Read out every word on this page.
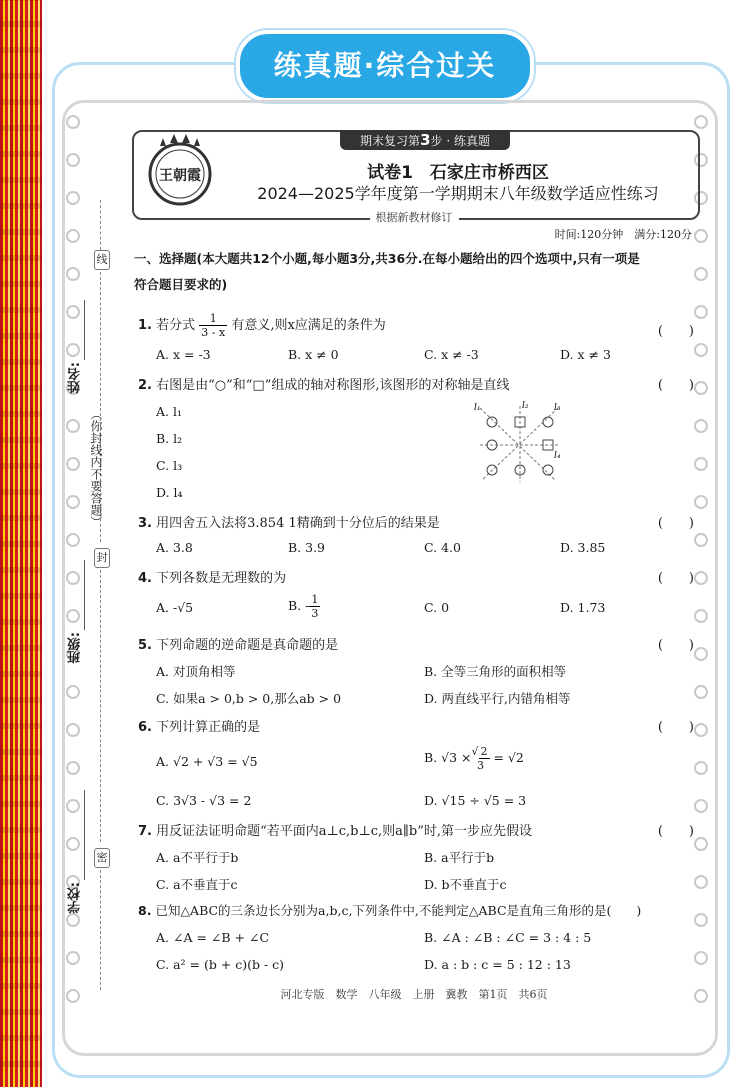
练真题·综合过关
王朝霞
期末复习第3步 · 练真题
试卷1　石家庄市桥西区
2024—2025学年度第一学期期末八年级数学适应性练习
根据新教材修订
时间:120分钟　满分:120分
线
封
密
姓名:
班级:
学校:
（你封线内不要答题）
一、选择题(本大题共12个小题,每小题3分,共36分.在每小题给出的四个选项中,只有一项是
符合题目要求的)
1. 若分式 $\frac{1}{3 - x}$ 有意义,则x应满足的条件为	(　　)
A. x = -3	B. x ≠ 0	C. x ≠ -3	D. x ≠ 3
2. 右图是由“○”和“□”组成的轴对称图形,该图形的对称轴是直线	(　　)
A. l₁
B. l₂
C. l₃
D. l₄
l₁	l₂	l₃
l₄
3. 用四舍五入法将3.854 1精确到十分位后的结果是	(　　)
A. 3.8	B. 3.9	C. 4.0	D. 3.85
4. 下列各数是无理数的为	(　　)
A. -√5	B. - $\frac{1}{3}$	C. 0	D. 1.73
5. 下列命题的逆命题是真命题的是	(　　)
A. 对顶角相等	B. 全等三角形的面积相等
C. 如果a > 0,b > 0,那么ab > 0	D. 两直线平行,内错角相等
6. 下列计算正确的是	(　　)
A. √2 + √3 = √5	B. √3 ×√ 2
3
= √2
C. 3√3 - √3 = 2	D. √15 ÷ √5 = 3
7. 用反证法证明命题“若平面内a⊥c,b⊥c,则a∥b”时,第一步应先假设	(　　)
A. a不平行于b	B. a平行于b
C. a不垂直于c	D. b不垂直于c
8. 已知△ABC的三条边长分别为a,b,c,下列条件中,不能判定△ABC是直角三角形的是(　　)
A. ∠A = ∠B + ∠C	B. ∠A : ∠B : ∠C = 3 : 4 : 5
C. a² = (b + c)(b - c)	D. a : b : c = 5 : 12 : 13
河北专版　数学　八年级　上册　冀教　第1页　共6页
